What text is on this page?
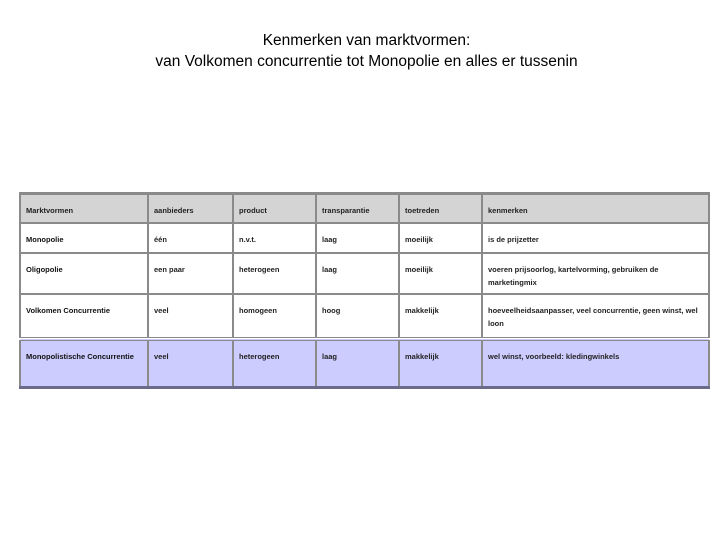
Kenmerken van marktvormen:
van Volkomen concurrentie tot Monopolie en alles er tussenin
Marktvormen	aanbieders	product	transparantie	toetreden	kenmerken
Monopolie	één	n.v.t.	laag	moeilijk	is de prijzetter
Oligopolie	een paar	heterogeen	laag	moeilijk	voeren prijsoorlog, kartelvorming, gebruiken de marketingmix
Volkomen Concurrentie	veel	homogeen	hoog	makkelijk	hoeveelheidsaanpasser, veel concurrentie, geen winst, wel loon
Monopolistische Concurrentie	veel	heterogeen	laag	makkelijk	wel winst, voorbeeld: kledingwinkels
